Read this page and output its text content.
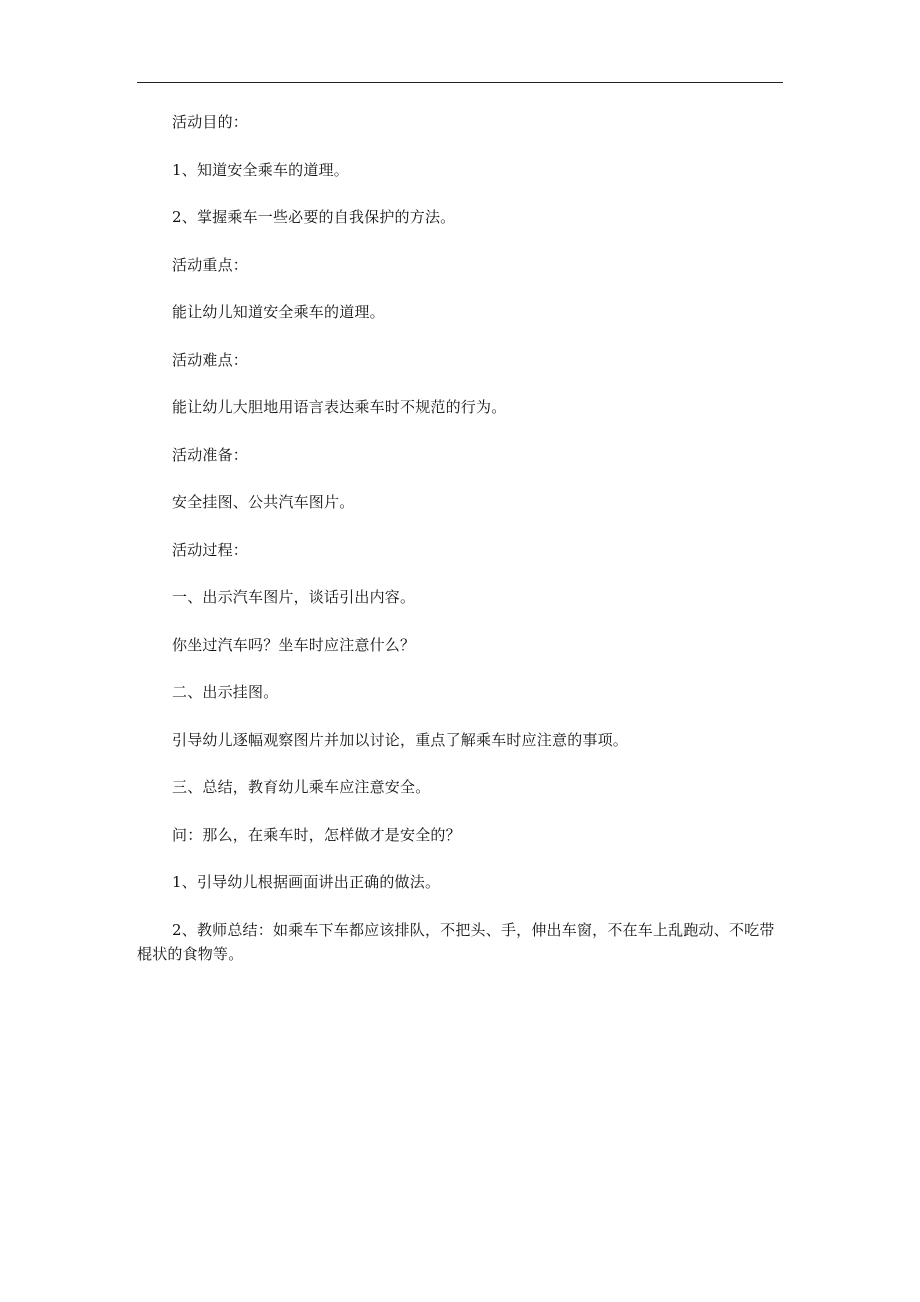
活动目的：

1、知道安全乘车的道理。

2、掌握乘车一些必要的自我保护的方法。

活动重点：

能让幼儿知道安全乘车的道理。

活动难点：

能让幼儿大胆地用语言表达乘车时不规范的行为。

活动准备：

安全挂图、公共汽车图片。

活动过程：

一、出示汽车图片，谈话引出内容。

你坐过汽车吗？坐车时应注意什么？

二、出示挂图。

引导幼儿逐幅观察图片并加以讨论，重点了解乘车时应注意的事项。

三、总结，教育幼儿乘车应注意安全。

问：那么，在乘车时，怎样做才是安全的？

1、引导幼儿根据画面讲出正确的做法。

2、教师总结：如乘车下车都应该排队，不把头、手，伸出车窗，不在车上乱跑动、不吃带棍状的食物等。
